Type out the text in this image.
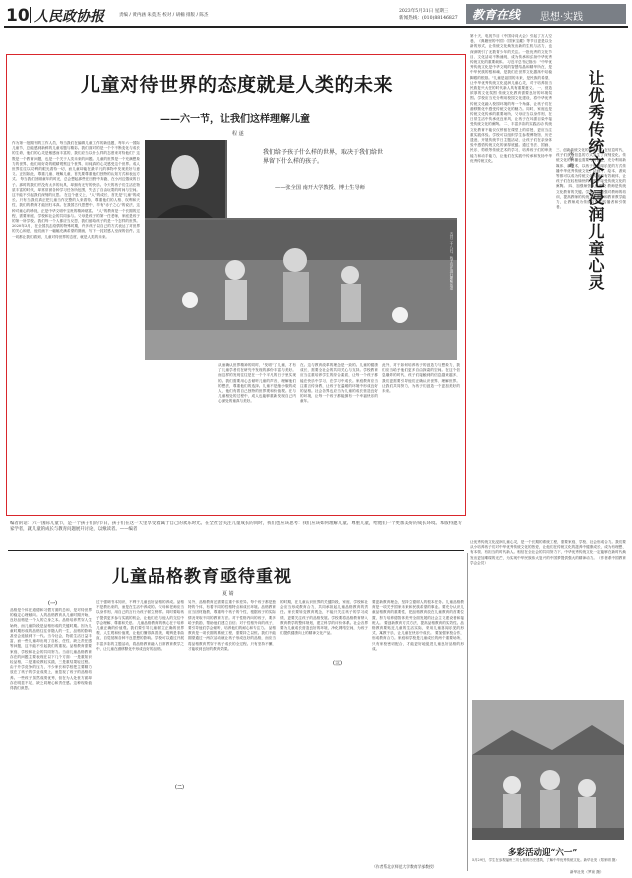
10 人民政协报	责编 / 黄冉涵 朱莫杰 校对 / 胡楠 排版 / 陈杰
2023年5月31日 星期三
新闻热线：(010)88146827 教育在线 思想·实践
儿童对待世界的态度就是人类的未来
——六一节，让我们这样理解儿童
程 遂
作为第一批期刊的工作人员，每当我们在编辑儿童工作的新选题，每年六一国际儿童节，总能感到新鲜的儿童话题与精彩。我们面对的是一个个不断变化与成长的生命，他们的心灵是敏感而丰富的，我们应当以什么样的态度来对待他们？这既是一个教育问题，也是一个关于人类未来的问题。儿童的世界是一个充满想象力的世界，他们用好奇的眼睛观察这个世界，用纯真的心灵感受这个世界。成人世界往往以功利的眼光看待一切，而儿童却能在最平凡的事物中发现美好与意义。正因如此，尊重儿童、理解儿童，首先要尊重他们独特的认知方式和表达方式。 每当我们回顾童年的时光，总会想起那些在田野中奔跑、在小河边嬉戏的日子。那时的我们并没有太多的玩具，却拥有无穷的快乐。今天的孩子们生活在物质丰富的时代，却常常被各种学习任务所包围，失去了自由玩耍的时间与空间。这不能不引起我们深刻的反思。 在这个意义上，"人"的成长，首先是"儿童"的成长。只有当我们真正把儿童当作完整的人来看待，尊重他们的人格、权利和天性，我们的教育才能回归本真。在我国古代思想中，早有"赤子之心"的说法，这种对童心的珍视，正是中华文明中宝贵的精神财富。 "人"的教育是一个长期的过程，需要家庭、学校和社会的共同参与。父母是孩子的第一任老师，家庭是孩子的第一所学校。我们每一个人都应当反思，我们留给孩子的是一个怎样的世界。 2020年3月，在全国抗击疫情的特殊时期，许多孩子以自己的方式表达了对世界的关心和爱，他们画下一幅幅充满希望的图画，写下一封封感人至深的信件。这一切都让我们看到，儿童对待世界的态度，就是人类的未来。
我们给予孩子什么样的世界，取决于我们给世界留下什么样的孩子。
——张全国 南开大学教授、博士生导师
五月二十八日，孩子们在进行趣味运动
从而确认世界精神的同时，"发明"了儿童，才有了儿童学者们在研究中发现的那份丰富与美好。而这样的发现往往是在一个个平凡的日子里实现的。我们需要用心去倾听儿童的声音，理解他们的想法，尊重他们的选择。儿童不是缩小版的成人，他们有着自己独特的世界观和价值观。在与儿童相处的过程中，成人也能够重新发现自己内心深处的童真与美好。
在。这与教育改革的理念是一致的。儿童的健康成长，需要全社会的共同关心与支持。学校教育应当注重培养学生的综合素质，让每一个孩子都能在快乐中学习、在学习中成长。家庭教育应当注重言传身教，让孩子在温暖的环境中形成良好的品格。社会各界也应当为儿童的成长营造良好的环境，让每一个孩子都能拥有一个幸福快乐的童年。
此外，对于如何培养孩子的创造力与想象力，我们应当给予他们更多自由探索的空间。在这个信息爆炸的时代，孩子们接触到的信息越来越多，我们更需要引导他们正确认识世界、理解世界。让我们共同努力，为孩子们创造一个更加美好的未来。
第十天，电视节目《中国诗词大会》引起了万人空巷，《典籍里的中国》《国家宝藏》等节目更是以全新的形式，让传统文化焕发出新的生机与活力，也深深吸引了无数青少年的关注。一批优秀的文化节目、文化活动不断涌现，成为传承和弘扬中华优秀传统文化的重要载体。 习近平总书记指出："中华优秀传统文化是中华文明的智慧结晶和精华所在，是中华民族的根和魂，是我们在世界文化激荡中站稳脚跟的根基。"儿童是祖国的未来，是民族的希望，让中华优秀传统文化浸润儿童心灵，对于培养担当民族复兴大任的时代新人具有重要意义。 一、营造浓厚的文化氛围 传统文化教育需要良好的环境氛围。学校应当充分利用校园文化建设，将中华优秀传统文化融入校园环境的每一个角落，让孩子们在潜移默化中感受传统文化的魅力。同时，家庭也是传统文化传承的重要场所，父母应当以身作则，在日常生活中传承优良家风，让孩子在耳濡目染中接受传统文化的熏陶。 二、丰富多彩的实践活动 传统文化教育不能仅仅停留在课堂上的讲授，更应当注重实践体验。学校可以组织学生参观博物馆、历史遗迹，开展传统节日主题活动，让孩子们在亲身体验中感悟传统文化的深厚底蕴。通过书法、国画、民乐、剪纸等传统艺术的学习，培养孩子们的审美能力和动手能力，让他们在实践中传承和发扬中华优秀传统文化。
三、创新传统文化的传播方式 在信息时代，孩子们获取信息的方式发生了深刻变化。传统文化的传播也需要与时俱进，充分利用新媒体、新技术，以孩子们喜闻乐见的方式传播中华优秀传统文化。动画片、绘本、游戏等都可以成为传统文化传播的有效载体，让孩子们在轻松愉快的氛围中接受传统文化的熏陶。 四、加强师资队伍建设 教师是传统文化教育的关键。学校应当加强对教师的培训，提高教师的传统文化素养和教育教学能力，让教师成为传统文化的传播者和引领者。	让优秀传统文化浸润儿童心灵
朱 华 峰
让优秀传统文化浸润儿童心灵，是一个长期的系统工程，需要家庭、学校、社会形成合力。我们要从小培养孩子们对中华优秀传统文化的热爱，让他们在传统文化的滋养中健康成长，成为有理想、有本领、有担当的时代新人。相信在全社会的共同努力下，中华优秀传统文化一定能够在新时代焕发出更加璀璨的光芒，为实现中华民族伟大复兴的中国梦提供强大的精神动力。（作者系中国教育学会会员）
多彩活动迎“六一”
5月29日，学生在参观福州三坊七巷的历史建筑，了解中华优秀传统文化。新华社发（郑家明 摄）
编者的话：六一国际儿童节，是一个孩子们的节日，孩子们在这一天里享受着属于自己的欢乐时光。在全社会关注儿童成长的同时，我们也应该思考：我们应该如何理解儿童、尊重儿童，给他们一个更加美好的成长环境。本版特邀专家学者，就儿童的成长与教育问题展开讨论，以飨读者。——编者
儿童品格教育亟待重视
夏 婧
（一）
品格是个体在道德和习惯方面的总和，是对待世界的稳定心理倾向。人的品格教育从儿童时期开始，良好品格是一个人的立身之本。品格培养贯穿人生始终，而儿童阶段是品格形成的关键时期。因为儿童时期形成的品格往往伴随人的一生，品格的影响甚至会延续到下一代。当今社会，物质生活日益丰富，而一些儿童却出现了自私、任性、缺乏责任感等问题，这不能不引起我们的重视。品格教育需要家庭、学校和社会的共同努力。当前儿童品格教育存在的问题主要表现在以下几个方面：一是重知识轻品格，二是重说教轻实践，三是重结果轻过程。 由于升学竞争的压力，不少家长和学校把主要精力放在了孩子的学业成绩上，而忽视了孩子的品格培养。一些孩子虽然成绩优秀，但在为人处世方面却存在明显不足，缺乏同理心和责任感。这种现象值得我们深思。
过于强调书本知识，不利于儿童良好品格的养成。品格不是教出来的，而是在生活中养成的。父母和老师应当以身作则，用自己的言行为孩子树立榜样。同时要给孩子提供更多参与实践的机会，让他们在与他人的交往中学会理解、尊重和关爱。 儿童品格教育的核心在于培养儿童正确的价值观。我们要引导儿童树立正确的世界观、人生观和价值观，让他们懂得真善美，明辨是非曲直，自觉抵制各种不良思想的影响。学校可以通过开展丰富多彩的主题活动，将品格教育融入日常教育教学之中，让儿童在潜移默化中形成良好的品格。
（二）
另外，品格教育还需要注重个体差异。每个孩子都是独特的个体，有着不同的性格特点和成长环境。品格教育应当因材施教，尊重每个孩子的个性，根据孩子的实际情况采取不同的教育方法。对于性格内向的孩子，要多给予鼓励，帮助他们建立自信；对于性格外向的孩子，要引导他们学会倾听，培养他们的耐心和专注力。 品格教育是一项长期的系统工程，需要持之以恒。我们不能期望通过一两次活动就让孩子形成良好的品格，而应当将品格教育贯穿于孩子成长的全过程。只有坚持不懈，才能收到良好的教育效果。
的时期，在儿童认识世界的关键阶段，家庭、学校和社会应当形成教育合力，共同承担起儿童品格教育的责任。家长要转变教育观念，不能只关注孩子的学习成绩，更要关注孩子的品格发展。学校要将品格教育纳入教育教学的整体规划，建立科学的评价体系。社会各界要为儿童成长营造良好的环境，净化网络空间，为孩子们提供健康向上的精神文化产品。
（三）
要更新教育理念，坚持立德树人的根本任务。儿童品格教育是一项关乎国家未来和民族希望的事业。要充分认识儿童品格教育的重要性，把品格教育放在儿童教育的首要位置，努力培养德智体美劳全面发展的社会主义建设者和接班人。 要创新教育方式方法，提高品格教育的实效性。品格教育要贴近儿童的生活实际，采用儿童喜闻乐见的形式，寓教于乐，让儿童在快乐中成长。 要加强家校合作，形成教育合力。家庭和学校是儿童成长的两个重要场所，只有家校密切配合，才能更好地促进儿童良好品格的形成。
（作者系北京师范大学教育学部教授）
新华社发（罗泉 摄）
